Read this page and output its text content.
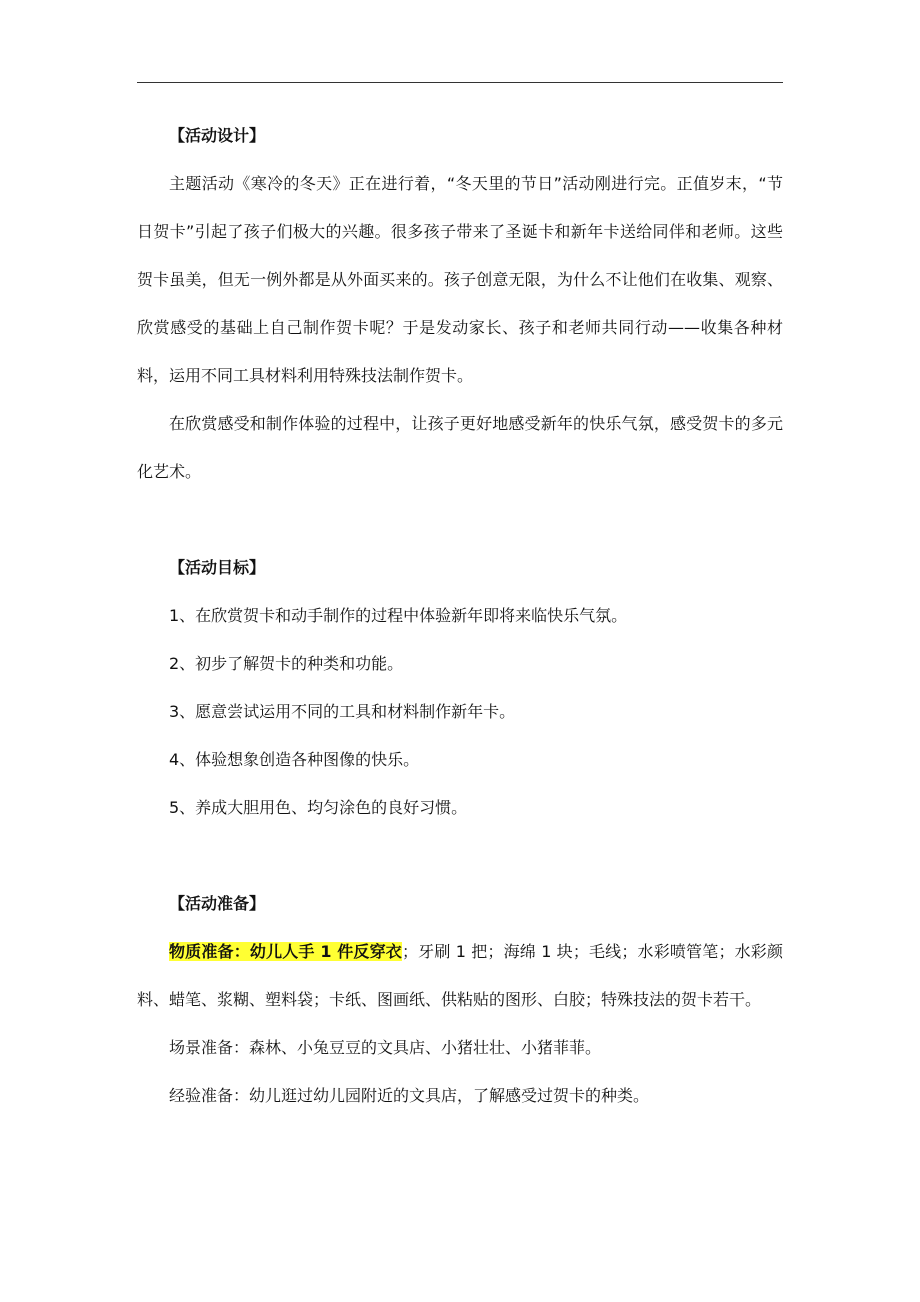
【活动设计】

主题活动《寒冷的冬天》正在进行着，“冬天里的节日”活动刚进行完。正值岁末，“节日贺卡”引起了孩子们极大的兴趣。很多孩子带来了圣诞卡和新年卡送给同伴和老师。这些贺卡虽美，但无一例外都是从外面买来的。孩子创意无限，为什么不让他们在收集、观察、欣赏感受的基础上自己制作贺卡呢？于是发动家长、孩子和老师共同行动——收集各种材料，运用不同工具材料利用特殊技法制作贺卡。

在欣赏感受和制作体验的过程中，让孩子更好地感受新年的快乐气氛，感受贺卡的多元化艺术。

【活动目标】
1、在欣赏贺卡和动手制作的过程中体验新年即将来临快乐气氛。
2、初步了解贺卡的种类和功能。
3、愿意尝试运用不同的工具和材料制作新年卡。
4、体验想象创造各种图像的快乐。
5、养成大胆用色、均匀涂色的良好习惯。
【活动准备】

物质准备：幼儿人手 1 件反穿衣；牙刷 1 把；海绵 1 块；毛线；水彩喷管笔；水彩颜料、蜡笔、浆糊、塑料袋；卡纸、图画纸、供粘贴的图形、白胶；特殊技法的贺卡若干。

场景准备：森林、小兔豆豆的文具店、小猪壮壮、小猪菲菲。

经验准备：幼儿逛过幼儿园附近的文具店，了解感受过贺卡的种类。
